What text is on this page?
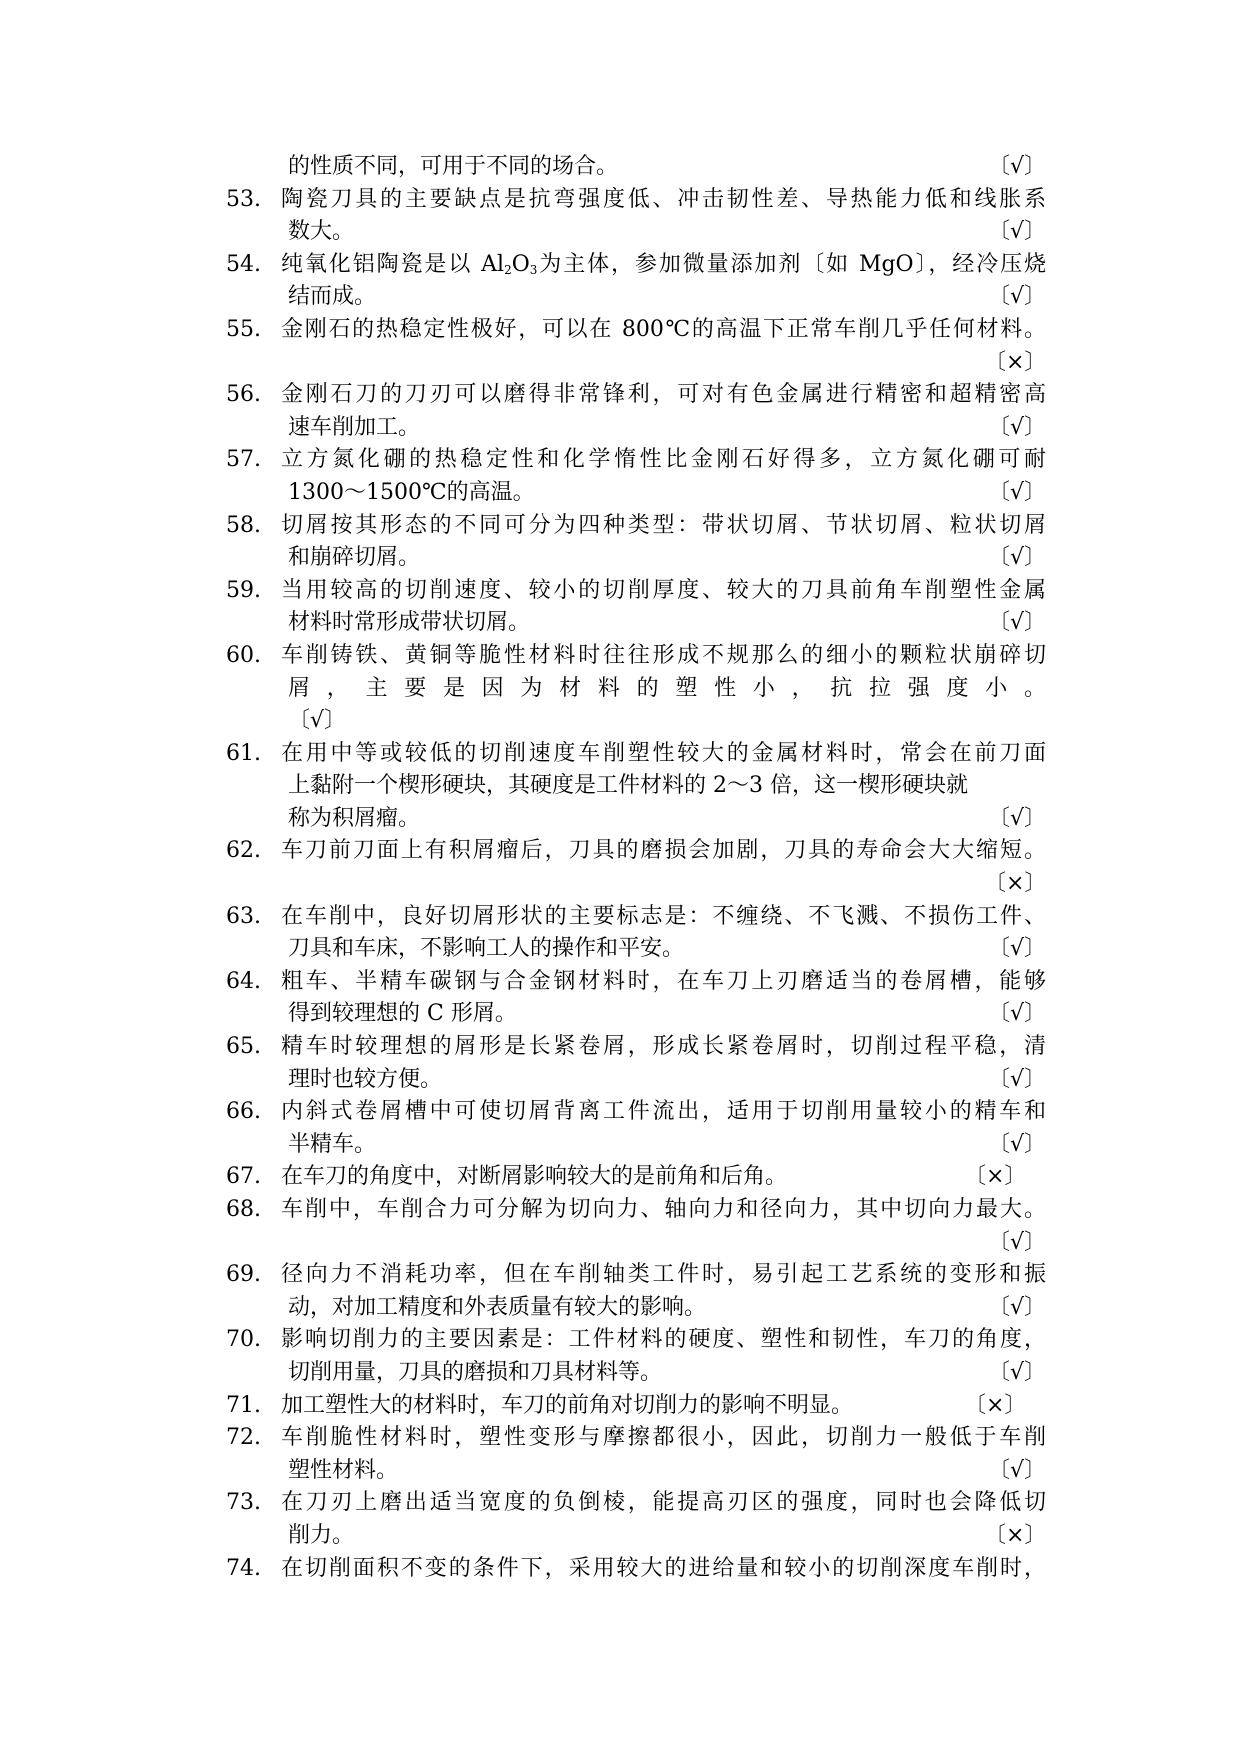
的性质不同，可用于不同的场合。	〔√〕
53. 陶瓷刀具的主要缺点是抗弯强度低、冲击韧性差、导热能力低和线胀系
数大。	〔√〕
54. 纯氧化铝陶瓷是以 $Al_2O_3$为主体，参加微量添加剂〔如 MgO〕，经冷压烧
结而成。	〔√〕
55. 金刚石的热稳定性极好，可以在 800℃的高温下正常车削几乎任何材料。
〔×〕
56. 金刚石刀的刀刃可以磨得非常锋利，可对有色金属进行精密和超精密高
速车削加工。	〔√〕
57. 立方氮化硼的热稳定性和化学惰性比金刚石好得多，立方氮化硼可耐
1300～1500℃的高温。	〔√〕
58. 切屑按其形态的不同可分为四种类型：带状切屑、节状切屑、粒状切屑
和崩碎切屑。	〔√〕
59. 当用较高的切削速度、较小的切削厚度、较大的刀具前角车削塑性金属
材料时常形成带状切屑。	〔√〕
60. 车削铸铁、黄铜等脆性材料时往往形成不规那么的细小的颗粒状崩碎切
屑，主要是因为材料的塑性小，抗拉强度小。
〔√〕
61. 在用中等或较低的切削速度车削塑性较大的金属材料时，常会在前刀面
上黏附一个楔形硬块，其硬度是工件材料的 2～3 倍，这一楔形硬块就
称为积屑瘤。	〔√〕
62. 车刀前刀面上有积屑瘤后，刀具的磨损会加剧，刀具的寿命会大大缩短。
〔×〕
63. 在车削中，良好切屑形状的主要标志是：不缠绕、不飞溅、不损伤工件、
刀具和车床，不影响工人的操作和平安。	〔√〕
64. 粗车、半精车碳钢与合金钢材料时，在车刀上刃磨适当的卷屑槽，能够
得到较理想的 C 形屑。	〔√〕
65. 精车时较理想的屑形是长紧卷屑，形成长紧卷屑时，切削过程平稳，清
理时也较方便。	〔√〕
66. 内斜式卷屑槽中可使切屑背离工件流出，适用于切削用量较小的精车和
半精车。	〔√〕
67. 在车刀的角度中，对断屑影响较大的是前角和后角。	〔×〕
68. 车削中，车削合力可分解为切向力、轴向力和径向力，其中切向力最大。
〔√〕
69. 径向力不消耗功率，但在车削轴类工件时，易引起工艺系统的变形和振
动，对加工精度和外表质量有较大的影响。	〔√〕
70. 影响切削力的主要因素是：工件材料的硬度、塑性和韧性，车刀的角度，
切削用量，刀具的磨损和刀具材料等。	〔√〕
71. 加工塑性大的材料时，车刀的前角对切削力的影响不明显。	〔×〕
72. 车削脆性材料时，塑性变形与摩擦都很小，因此，切削力一般低于车削
塑性材料。	〔√〕
73. 在刀刃上磨出适当宽度的负倒棱，能提高刃区的强度，同时也会降低切
削力。	〔×〕
74. 在切削面积不变的条件下，采用较大的进给量和较小的切削深度车削时，
